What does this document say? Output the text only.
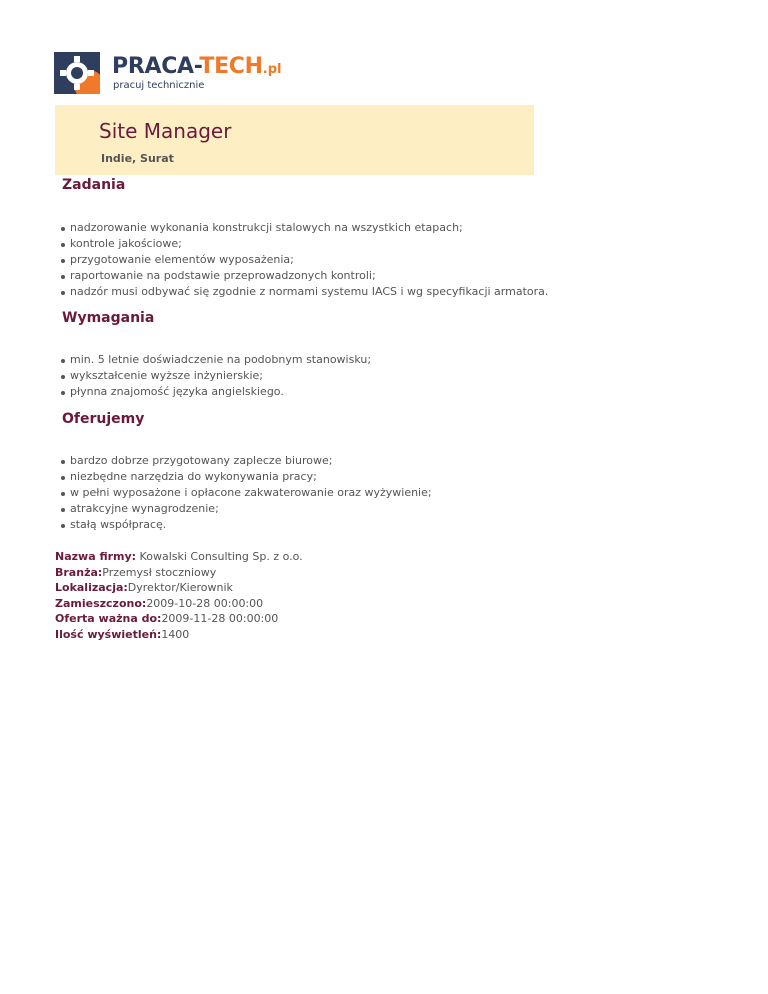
PRACA-TECH.pl
pracuj technicznie
Site Manager
Indie, Surat
Zadania
nadzorowanie wykonania konstrukcji stalowych na wszystkich etapach;
kontrole jakościowe;
przygotowanie elementów wyposażenia;
raportowanie na podstawie przeprowadzonych kontroli;
nadzór musi odbywać się zgodnie z normami systemu IACS i wg specyfikacji armatora.
Wymagania
min. 5 letnie doświadczenie na podobnym stanowisku;
wykształcenie wyższe inżynierskie;
płynna znajomość języka angielskiego.
Oferujemy
bardzo dobrze przygotowany zaplecze biurowe;
niezbędne narzędzia do wykonywania pracy;
w pełni wyposażone i opłacone zakwaterowanie oraz wyżywienie;
atrakcyjne wynagrodzenie;
stałą współpracę.
Nazwa firmy: Kowalski Consulting Sp. z o.o.
Branża:Przemysł stoczniowy
Lokalizacja:Dyrektor/Kierownik
Zamieszczono:2009-10-28 00:00:00
Oferta ważna do:2009-11-28 00:00:00
Ilość wyświetleń:1400
